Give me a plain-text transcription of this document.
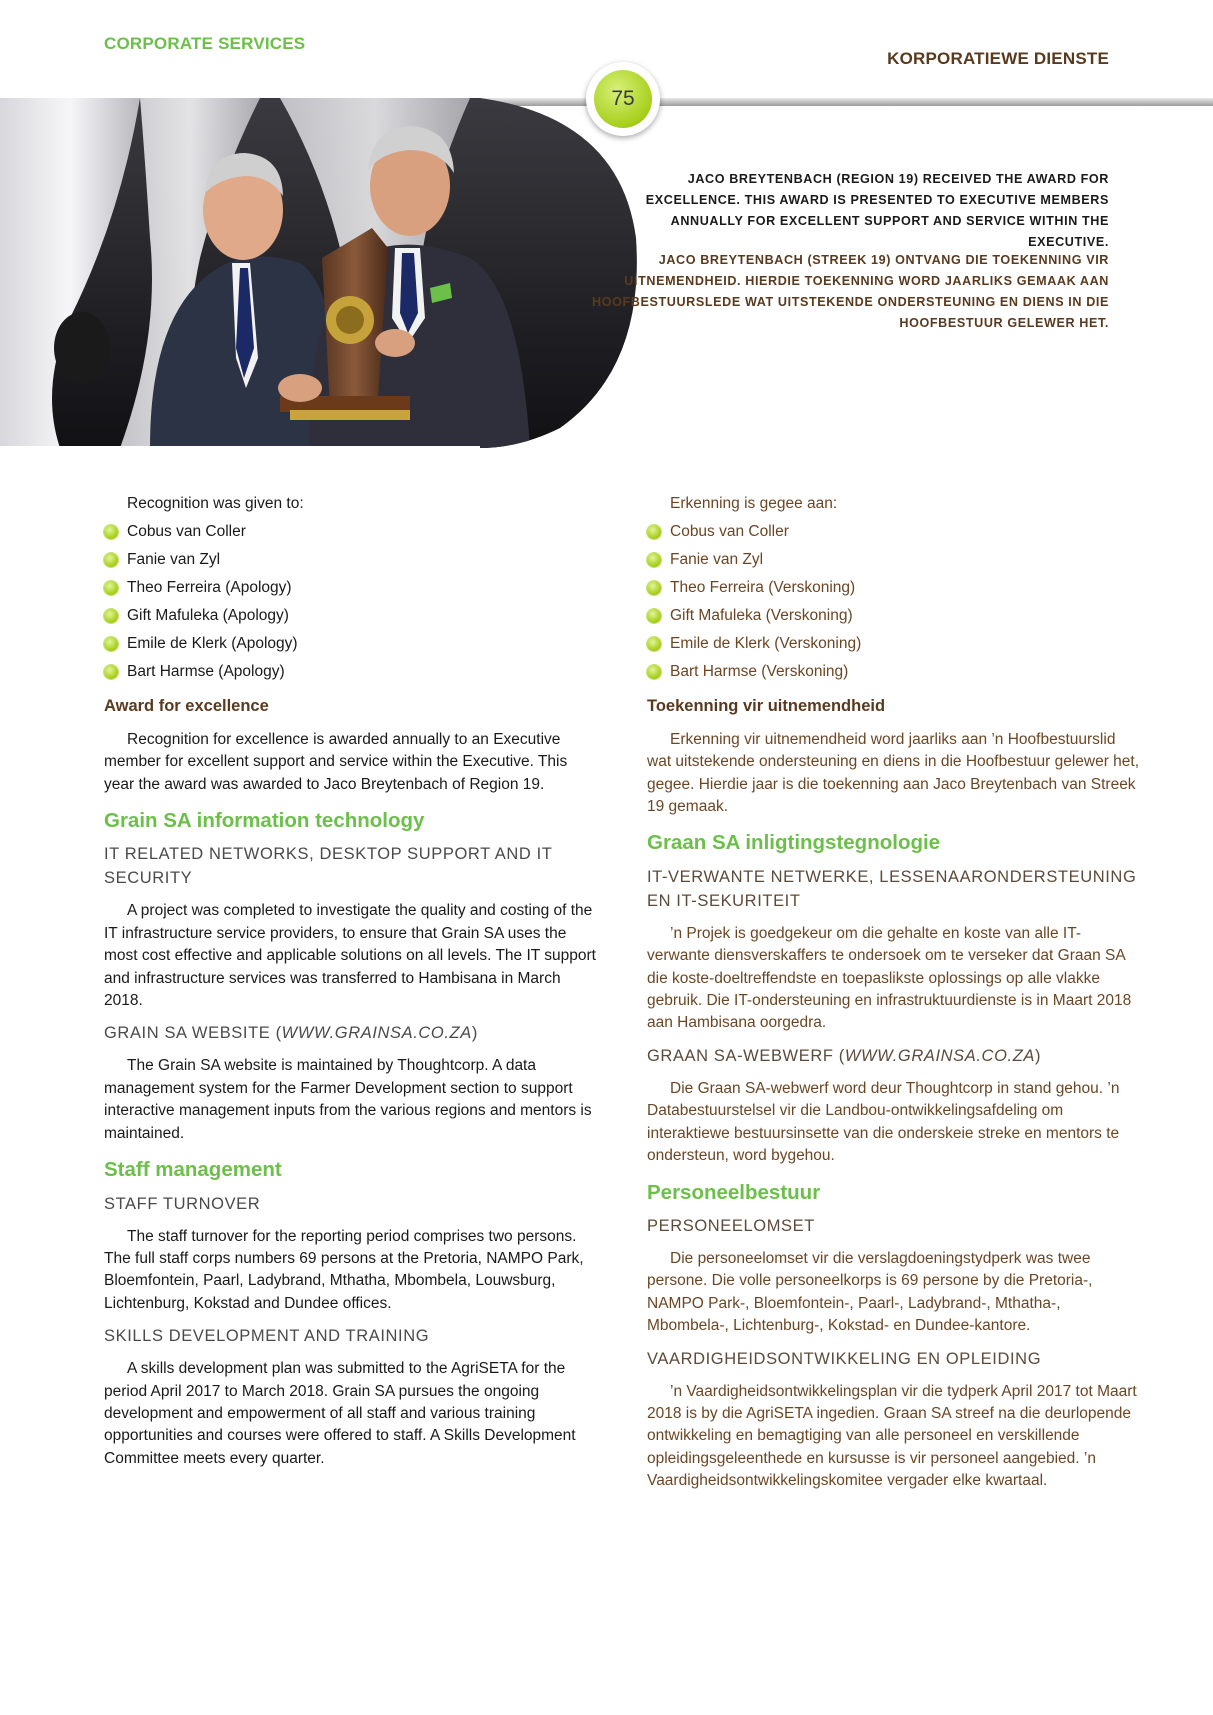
CORPORATE SERVICES
KORPORATIEWE DIENSTE
75
JACO BREYTENBACH (REGION 19) RECEIVED THE AWARD FOR EXCELLENCE. THIS AWARD IS PRESENTED TO EXECUTIVE MEMBERS ANNUALLY FOR EXCELLENT SUPPORT AND SERVICE WITHIN THE EXECUTIVE.
JACO BREYTENBACH (STREEK 19) ONTVANG DIE TOEKENNING VIR UITNEMENDHEID. HIERDIE TOEKENNING WORD JAARLIKS GEMAAK AAN HOOFBESTUURSLEDE WAT UITSTEKENDE ONDERSTEUNING EN DIENS IN DIE HOOFBESTUUR GELEWER HET.

Recognition was given to:

Cobus van Coller
Fanie van Zyl
Theo Ferreira (Apology)
Gift Mafuleka (Apology)
Emile de Klerk (Apology)
Bart Harmse (Apology)
Award for excellence

Recognition for excellence is awarded annually to an Executive member for excellent support and service within the Executive. This year the award was awarded to Jaco Breytenbach of Region 19.

Grain SA information technology
IT RELATED NETWORKS, DESKTOP SUPPORT AND IT SECURITY

A project was completed to investigate the quality and costing of the IT infrastructure service providers, to ensure that Grain SA uses the most cost effective and applicable solutions on all levels. The IT support and infrastructure services was transferred to Hambisana in March 2018.

GRAIN SA WEBSITE (WWW.GRAINSA.CO.ZA)

The Grain SA website is maintained by Thoughtcorp. A data management system for the Farmer Development section to support interactive management inputs from the various regions and mentors is maintained.

Staff management
STAFF TURNOVER

The staff turnover for the reporting period comprises two persons. The full staff corps numbers 69 persons at the Pretoria, NAMPO Park, Bloemfontein, Paarl, Ladybrand, Mthatha, Mbombela, Louwsburg, Lichtenburg, Kokstad and Dundee offices.

SKILLS DEVELOPMENT AND TRAINING

A skills development plan was submitted to the AgriSETA for the period April 2017 to March 2018. Grain SA pursues the ongoing development and empowerment of all staff and various training opportunities and courses were offered to staff. A Skills Development Committee meets every quarter.

Erkenning is gegee aan:

Cobus van Coller
Fanie van Zyl
Theo Ferreira (Verskoning)
Gift Mafuleka (Verskoning)
Emile de Klerk (Verskoning)
Bart Harmse (Verskoning)
Toekenning vir uitnemendheid

Erkenning vir uitnemendheid word jaarliks aan ’n Hoofbestuurslid wat uitstekende ondersteuning en diens in die Hoofbestuur gelewer het, gegee. Hierdie jaar is die toekenning aan Jaco Breytenbach van Streek 19 gemaak.

Graan SA inligtingstegnologie
IT-VERWANTE NETWERKE, LESSENAARONDERSTEUNING EN IT-SEKURITEIT

’n Projek is goedgekeur om die gehalte en koste van alle IT-verwante diensverskaffers te ondersoek om te verseker dat Graan SA die koste-doeltreffendste en toepaslikste oplossings op alle vlakke gebruik. Die IT-ondersteuning en infrastruktuurdienste is in Maart 2018 aan Hambisana oorgedra.

GRAAN SA-WEBWERF (WWW.GRAINSA.CO.ZA)

Die Graan SA-webwerf word deur Thoughtcorp in stand gehou. ’n Databestuurstelsel vir die Landbou-ontwikkelingsafdeling om interaktiewe bestuursinsette van die onderskeie streke en mentors te ondersteun, word bygehou.

Personeelbestuur
PERSONEELOMSET

Die personeelomset vir die verslagdoeningstydperk was twee persone. Die volle personeelkorps is 69 persone by die Pretoria-, NAMPO Park-, Bloemfontein-, Paarl-, Ladybrand-, Mthatha-, Mbombela-, Lichtenburg-, Kokstad- en Dundee-kantore.

VAARDIGHEIDSONTWIKKELING EN OPLEIDING

’n Vaardigheidsontwikkelingsplan vir die tydperk April 2017 tot Maart 2018 is by die AgriSETA ingedien. Graan SA streef na die deurlopende ontwikkeling en bemagtiging van alle personeel en verskillende opleidingsgeleenthede en kursusse is vir personeel aangebied. ’n Vaardigheidsontwikkelingskomitee vergader elke kwartaal.
